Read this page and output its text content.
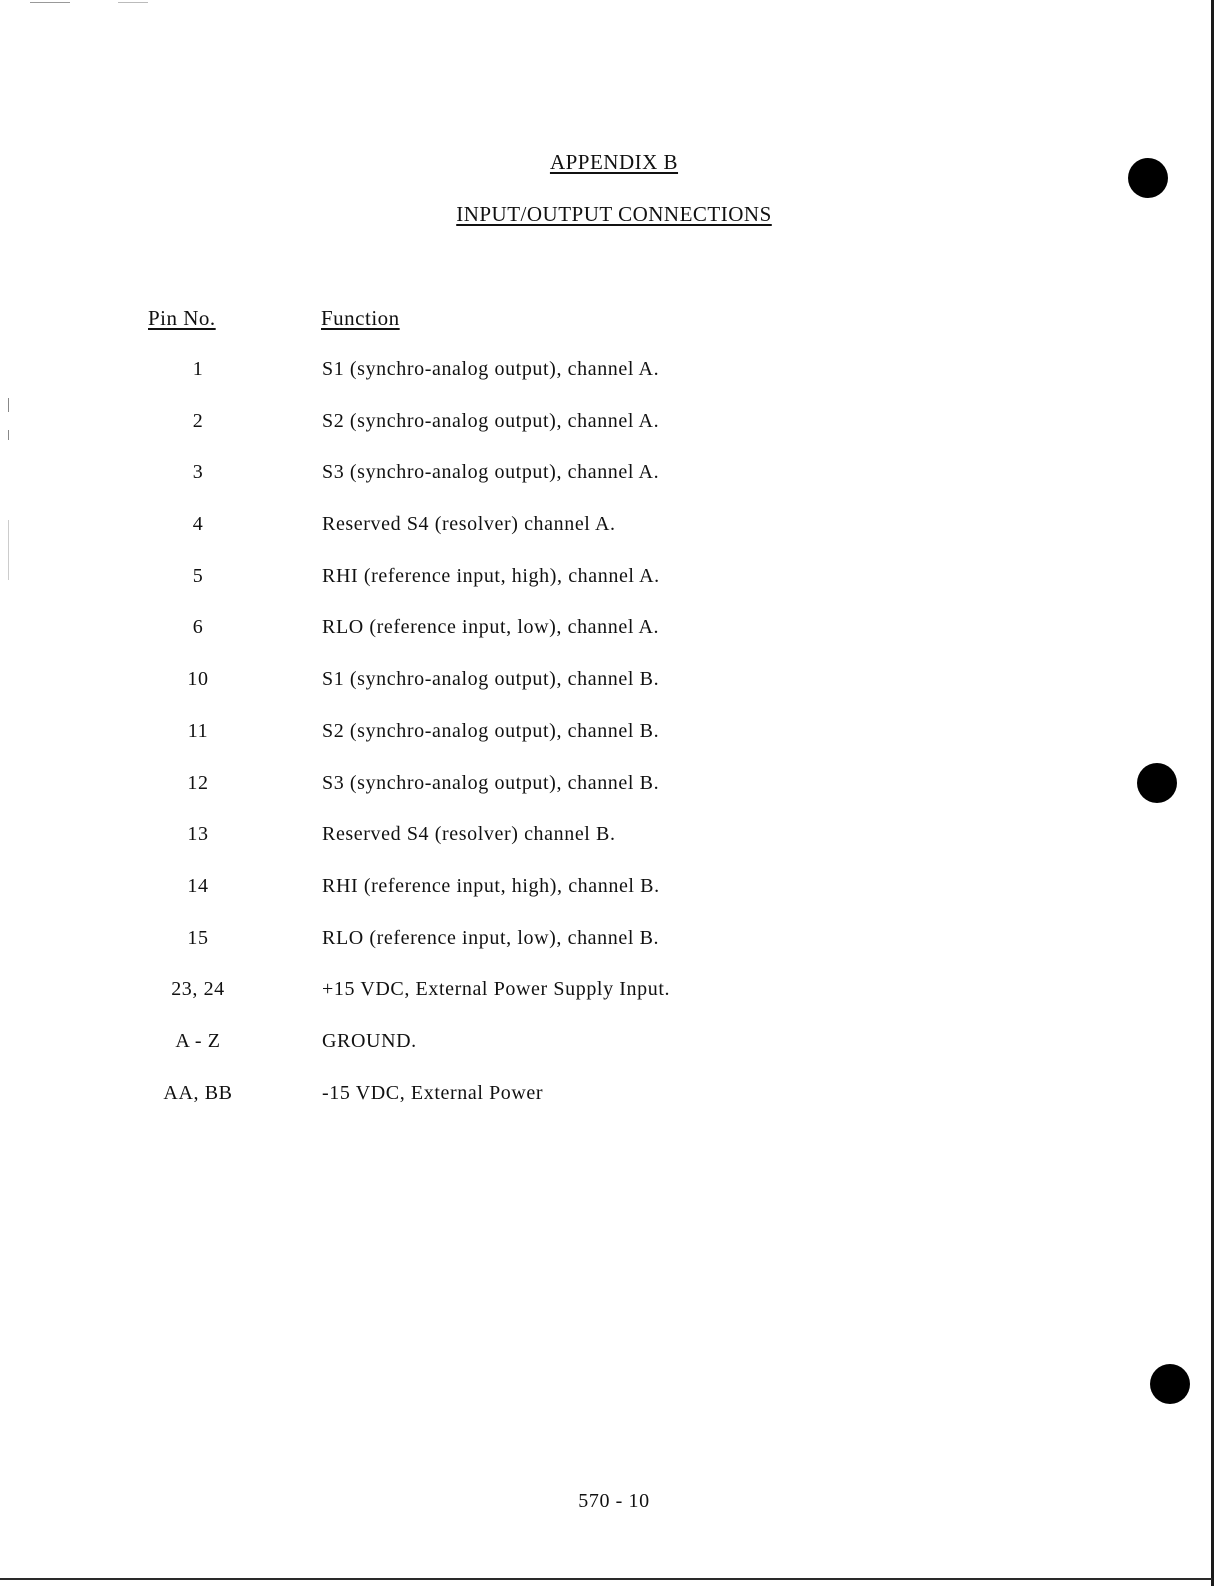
APPENDIX B
INPUT/OUTPUT CONNECTIONS
Pin No.	Function
1	S1 (synchro-analog output), channel A.
2	S2 (synchro-analog output), channel A.
3	S3 (synchro-analog output), channel A.
4	Reserved S4 (resolver) channel A.
5	RHI (reference input, high), channel A.
6	RLO (reference input, low), channel A.
10	S1 (synchro-analog output), channel B.
11	S2 (synchro-analog output), channel B.
12	S3 (synchro-analog output), channel B.
13	Reserved S4 (resolver) channel B.
14	RHI (reference input, high), channel B.
15	RLO (reference input, low), channel B.
23, 24	+15 VDC, External Power Supply Input.
A - Z	GROUND.
AA, BB	-15 VDC, External Power
570 - 10
